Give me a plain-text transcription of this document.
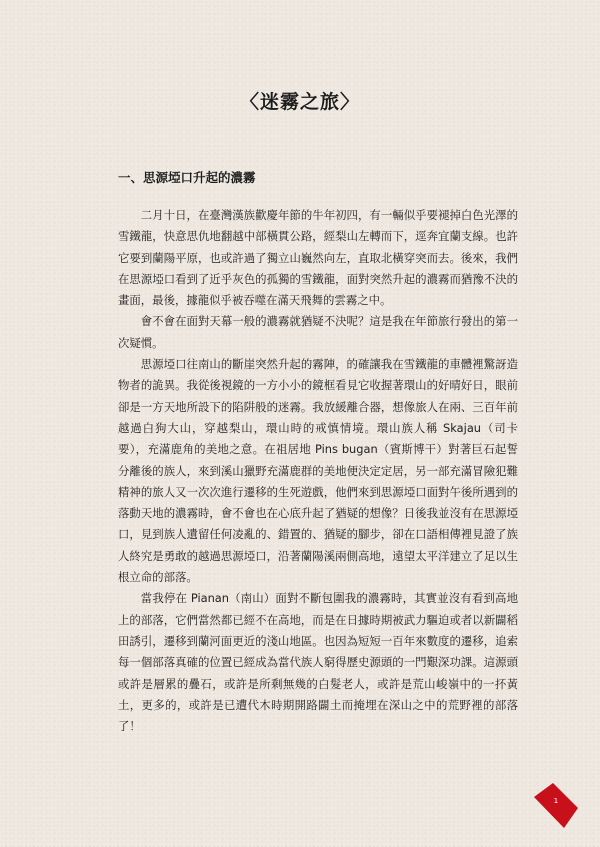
〈迷霧之旅〉
一、思源埡口升起的濃霧

二月十日，在臺灣漢族歡慶年節的牛年初四，有一輛似乎要褪掉白色光澤的雪鐵龍，快意思仇地翻越中部橫貫公路，經梨山左轉而下，逕奔宜蘭支線。也許它要到蘭陽平原，也或許過了獨立山巍然向左，直取北橫穿突而去。後來，我們在思源埡口看到了近乎灰色的孤獨的雪鐵龍，面對突然升起的濃霧而猶豫不決的畫面，最後，據龍似乎被吞噬在滿天飛舞的雲霧之中。

會不會在面對天幕一般的濃霧就猶疑不決呢？這是我在年節旅行發出的第一次疑慣。

思源埡口往南山的斷崖突然升起的霧陣，的確讓我在雪鐵龍的車體裡驚訝造物者的詭異。我從後視鏡的一方小小的鏡框看見它收握著環山的好晴好日，眼前卻是一方天地所設下的陷阱般的迷霧。我放緩離合器，想像旅人在兩、三百年前越過白狗大山，穿越梨山，環山時的戒慎情境。環山族人稱 Skajau（司卡要），充滿鹿角的美地之意。在祖居地 Pins bugan（賓斯博干）對著巨石起誓分離後的族人，來到溪山獵野充滿鹿群的美地便決定定居，另一部充滿冒險犯難精神的旅人又一次次進行遷移的生死遊戲，他們來到思源埡口面對午後所遇到的落動天地的濃霧時，會不會也在心底升起了猶疑的想像？日後我並沒有在思源埡口，見到族人遺留任何凌亂的、錯置的、猶疑的腳步，卻在口語相傳裡見證了族人終究是勇敢的越過思源埡口，沿著蘭陽溪兩側高地，遠望太平洋建立了足以生根立命的部落。

當我停在 Pianan（南山）面對不斷包圍我的濃霧時，其實並沒有看到高地上的部落，它們當然都已經不在高地，而是在日據時期被武力驅迫或者以新闢稻田誘引，遷移到蘭河面更近的淺山地區。也因為短短一百年來數度的遷移，追索每一個部落真確的位置已經成為當代族人窮得歷史源頭的一門艱深功課。這源頭或許是層累的疊石，或許是所剩無幾的白髮老人，或許是荒山峻嶺中的一抔黃土，更多的，或許是已遭代木時期開路闢土而掩埋在深山之中的荒野裡的部落了！

1
